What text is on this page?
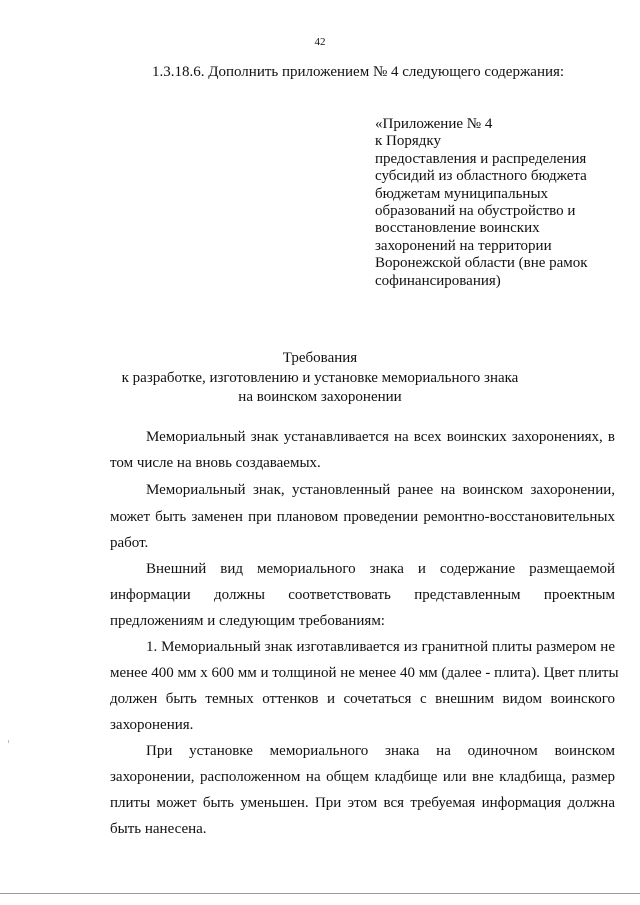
42
1.3.18.6. Дополнить приложением № 4 следующего содержания:
«Приложение № 4
к Порядку
предоставления и распределения
субсидий из областного бюджета
бюджетам муниципальных
образований на обустройство и
восстановление воинских
захоронений на территории
Воронежской области (вне рамок
софинансирования)
Требования
к разработке, изготовлению и установке мемориального знака
на воинском захоронении
Мемориальный знак устанавливается на всех воинских захоронениях, в
том числе на вновь создаваемых.
Мемориальный знак, установленный ранее на воинском захоронении,
может быть заменен при плановом проведении ремонтно-восстановительных
работ.
Внешний вид мемориального знака и содержание размещаемой
информации должны соответствовать представленным проектным
предложениям и следующим требованиям:
1. Мемориальный знак изготавливается из гранитной плиты размером не
менее 400 мм х 600 мм и толщиной не менее 40 мм (далее - плита). Цвет плиты
должен быть темных оттенков и сочетаться с внешним видом воинского
захоронения.
При установке мемориального знака на одиночном воинском
захоронении, расположенном на общем кладбище или вне кладбища, размер
плиты может быть уменьшен. При этом вся требуемая информация должна
быть нанесена.
